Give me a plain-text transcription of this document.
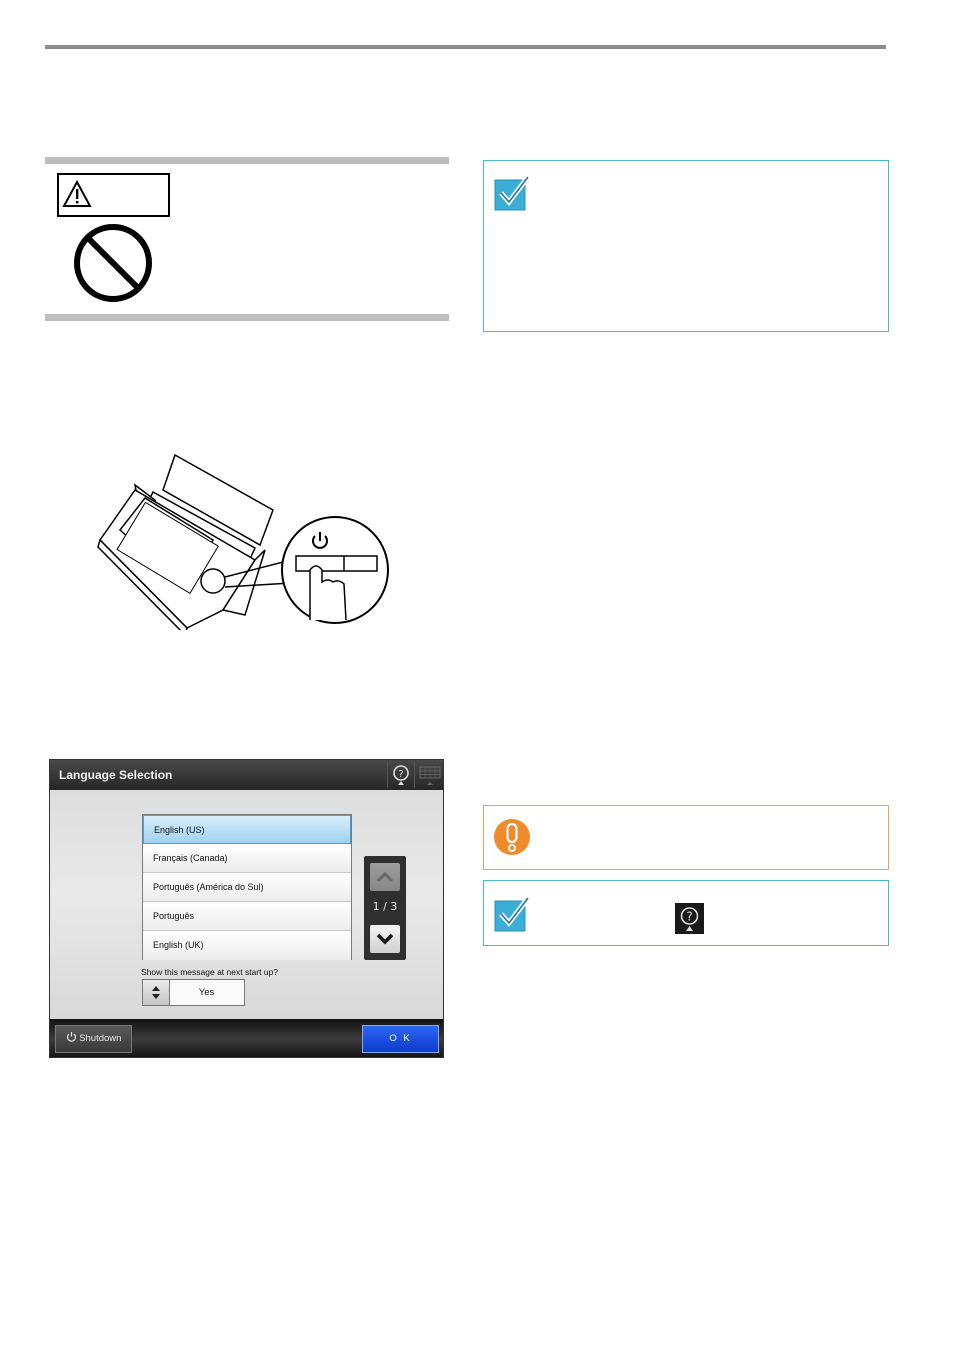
Language Selection	?
English (US)
Français (Canada)
Português (América do Sul)
Português
English (UK)
1 / 3
Show this message at next start up?
Yes
Shutdown	O K
?
